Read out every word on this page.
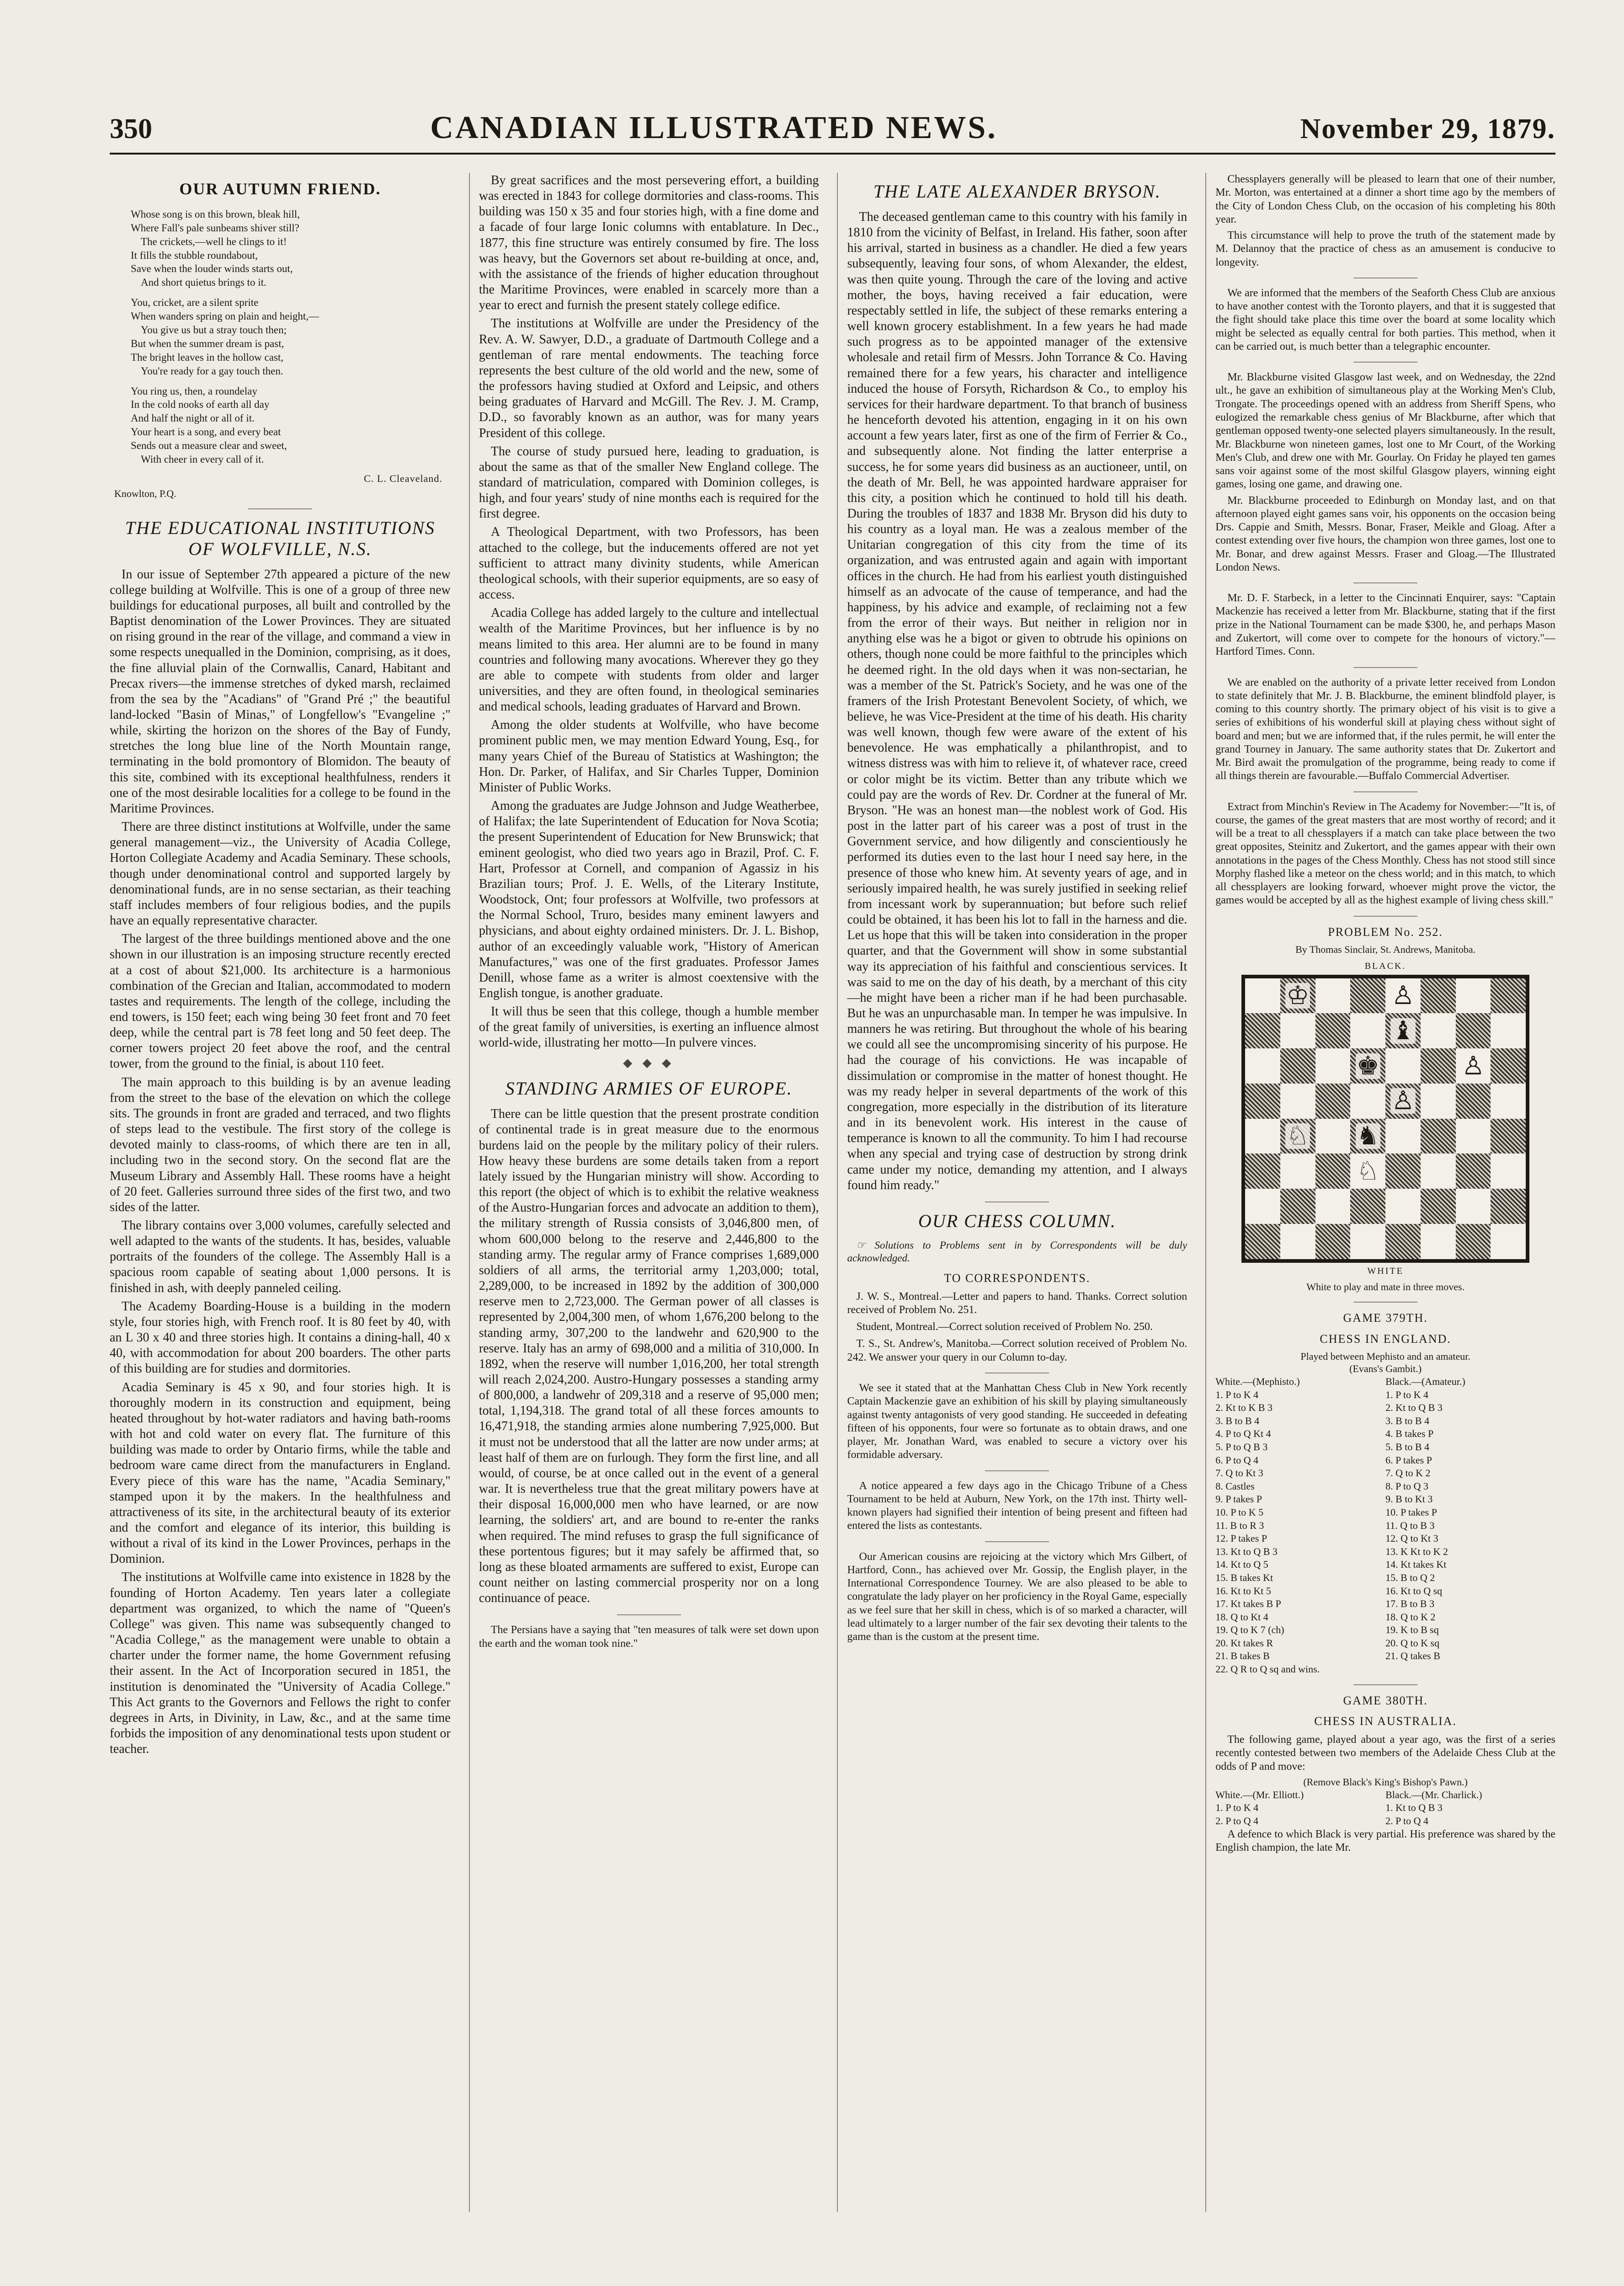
350	CANADIAN ILLUSTRATED NEWS.	November 29, 1879.
OUR AUTUMN FRIEND.

Whose song is on this brown, bleak hill,
Where Fall's pale sunbeams shiver still?
The crickets,—well he clings to it!
It fills the stubble roundabout,
Save when the louder winds starts out,
And short quietus brings to it.

You, cricket, are a silent sprite
When wanders spring on plain and height,—
You give us but a stray touch then;
But when the summer dream is past,
The bright leaves in the hollow cast,
You're ready for a gay touch then.

You ring us, then, a roundelay
In the cold nooks of earth all day
And half the night or all of it.
Your heart is a song, and every beat
Sends out a measure clear and sweet,
With cheer in every call of it.

C. L. Cleaveland.
Knowlton, P.Q.
THE EDUCATIONAL INSTITUTIONS OF WOLFVILLE, N.S.

In our issue of September 27th appeared a picture of the new college building at Wolfville. This is one of a group of three new buildings for educational purposes, all built and controlled by the Baptist denomination of the Lower Provinces. They are situated on rising ground in the rear of the village, and command a view in some respects unequalled in the Dominion, comprising, as it does, the fine alluvial plain of the Cornwallis, Canard, Habitant and Precax rivers—the immense stretches of dyked marsh, reclaimed from the sea by the "Acadians" of "Grand Pré ;" the beautiful land-locked "Basin of Minas," of Longfellow's "Evangeline ;" while, skirting the horizon on the shores of the Bay of Fundy, stretches the long blue line of the North Mountain range, terminating in the bold promontory of Blomidon. The beauty of this site, combined with its exceptional healthfulness, renders it one of the most desirable localities for a college to be found in the Maritime Provinces.

There are three distinct institutions at Wolfville, under the same general management—viz., the University of Acadia College, Horton Collegiate Academy and Acadia Seminary. These schools, though under denominational control and supported largely by denominational funds, are in no sense sectarian, as their teaching staff includes members of four religious bodies, and the pupils have an equally representative character.

The largest of the three buildings mentioned above and the one shown in our illustration is an imposing structure recently erected at a cost of about $21,000. Its architecture is a harmonious combination of the Grecian and Italian, accommodated to modern tastes and requirements. The length of the college, including the end towers, is 150 feet; each wing being 30 feet front and 70 feet deep, while the central part is 78 feet long and 50 feet deep. The corner towers project 20 feet above the roof, and the central tower, from the ground to the finial, is about 110 feet.

The main approach to this building is by an avenue leading from the street to the base of the elevation on which the college sits. The grounds in front are graded and terraced, and two flights of steps lead to the vestibule. The first story of the college is devoted mainly to class-rooms, of which there are ten in all, including two in the second story. On the second flat are the Museum Library and Assembly Hall. These rooms have a height of 20 feet. Galleries surround three sides of the first two, and two sides of the latter.

The library contains over 3,000 volumes, carefully selected and well adapted to the wants of the students. It has, besides, valuable portraits of the founders of the college. The Assembly Hall is a spacious room capable of seating about 1,000 persons. It is finished in ash, with deeply panneled ceiling.

The Academy Boarding-House is a building in the modern style, four stories high, with French roof. It is 80 feet by 40, with an L 30 x 40 and three stories high. It contains a dining-hall, 40 x 40, with accommodation for about 200 boarders. The other parts of this building are for studies and dormitories.

Acadia Seminary is 45 x 90, and four stories high. It is thoroughly modern in its construction and equipment, being heated throughout by hot-water radiators and having bath-rooms with hot and cold water on every flat. The furniture of this building was made to order by Ontario firms, while the table and bedroom ware came direct from the manufacturers in England. Every piece of this ware has the name, "Acadia Seminary," stamped upon it by the makers. In the healthfulness and attractiveness of its site, in the architectural beauty of its exterior and the comfort and elegance of its interior, this building is without a rival of its kind in the Lower Provinces, perhaps in the Dominion.

The institutions at Wolfville came into existence in 1828 by the founding of Horton Academy. Ten years later a collegiate department was organized, to which the name of "Queen's College" was given. This name was subsequently changed to "Acadia College," as the management were unable to obtain a charter under the former name, the home Government refusing their assent. In the Act of Incorporation secured in 1851, the institution is denominated the "University of Acadia College." This Act grants to the Governors and Fellows the right to confer degrees in Arts, in Divinity, in Law, &c., and at the same time forbids the imposition of any denominational tests upon student or teacher.

By great sacrifices and the most persevering effort, a building was erected in 1843 for college dormitories and class-rooms. This building was 150 x 35 and four stories high, with a fine dome and a facade of four large Ionic columns with entablature. In Dec., 1877, this fine structure was entirely consumed by fire. The loss was heavy, but the Governors set about re-building at once, and, with the assistance of the friends of higher education throughout the Maritime Provinces, were enabled in scarcely more than a year to erect and furnish the present stately college edifice.

The institutions at Wolfville are under the Presidency of the Rev. A. W. Sawyer, D.D., a graduate of Dartmouth College and a gentleman of rare mental endowments. The teaching force represents the best culture of the old world and the new, some of the professors having studied at Oxford and Leipsic, and others being graduates of Harvard and McGill. The Rev. J. M. Cramp, D.D., so favorably known as an author, was for many years President of this college.

The course of study pursued here, leading to graduation, is about the same as that of the smaller New England college. The standard of matriculation, compared with Dominion colleges, is high, and four years' study of nine months each is required for the first degree.

A Theological Department, with two Professors, has been attached to the college, but the inducements offered are not yet sufficient to attract many divinity students, while American theological schools, with their superior equipments, are so easy of access.

Acadia College has added largely to the culture and intellectual wealth of the Maritime Provinces, but her influence is by no means limited to this area. Her alumni are to be found in many countries and following many avocations. Wherever they go they are able to compete with students from older and larger universities, and they are often found, in theological seminaries and medical schools, leading graduates of Harvard and Brown.

Among the older students at Wolfville, who have become prominent public men, we may mention Edward Young, Esq., for many years Chief of the Bureau of Statistics at Washington; the Hon. Dr. Parker, of Halifax, and Sir Charles Tupper, Dominion Minister of Public Works.

Among the graduates are Judge Johnson and Judge Weatherbee, of Halifax; the late Superintendent of Education for Nova Scotia; the present Superintendent of Education for New Brunswick; that eminent geologist, who died two years ago in Brazil, Prof. C. F. Hart, Professor at Cornell, and companion of Agassiz in his Brazilian tours; Prof. J. E. Wells, of the Literary Institute, Woodstock, Ont; four professors at Wolfville, two professors at the Normal School, Truro, besides many eminent lawyers and physicians, and about eighty ordained ministers. Dr. J. L. Bishop, author of an exceedingly valuable work, "History of American Manufactures," was one of the first graduates. Professor James Denill, whose fame as a writer is almost coextensive with the English tongue, is another graduate.

It will thus be seen that this college, though a humble member of the great family of universities, is exerting an influence almost world-wide, illustrating her motto—In pulvere vinces.

◆ ◆ ◆
STANDING ARMIES OF EUROPE.

There can be little question that the present prostrate condition of continental trade is in great measure due to the enormous burdens laid on the people by the military policy of their rulers. How heavy these burdens are some details taken from a report lately issued by the Hungarian ministry will show. According to this report (the object of which is to exhibit the relative weakness of the Austro-Hungarian forces and advocate an addition to them), the military strength of Russia consists of 3,046,800 men, of whom 600,000 belong to the reserve and 2,446,800 to the standing army. The regular army of France comprises 1,689,000 soldiers of all arms, the territorial army 1,203,000; total, 2,289,000, to be increased in 1892 by the addition of 300,000 reserve men to 2,723,000. The German power of all classes is represented by 2,004,300 men, of whom 1,676,200 belong to the standing army, 307,200 to the landwehr and 620,900 to the reserve. Italy has an army of 698,000 and a militia of 310,000. In 1892, when the reserve will number 1,016,200, her total strength will reach 2,024,200. Austro-Hungary possesses a standing army of 800,000, a landwehr of 209,318 and a reserve of 95,000 men; total, 1,194,318. The grand total of all these forces amounts to 16,471,918, the standing armies alone numbering 7,925,000. But it must not be understood that all the latter are now under arms; at least half of them are on furlough. They form the first line, and all would, of course, be at once called out in the event of a general war. It is nevertheless true that the great military powers have at their disposal 16,000,000 men who have learned, or are now learning, the soldiers' art, and are bound to re-enter the ranks when required. The mind refuses to grasp the full significance of these portentous figures; but it may safely be affirmed that, so long as these bloated armaments are suffered to exist, Europe can count neither on lasting commercial prosperity nor on a long continuance of peace.

The Persians have a saying that "ten measures of talk were set down upon the earth and the woman took nine."

THE LATE ALEXANDER BRYSON.

The deceased gentleman came to this country with his family in 1810 from the vicinity of Belfast, in Ireland. His father, soon after his arrival, started in business as a chandler. He died a few years subsequently, leaving four sons, of whom Alexander, the eldest, was then quite young. Through the care of the loving and active mother, the boys, having received a fair education, were respectably settled in life, the subject of these remarks entering a well known grocery establishment. In a few years he had made such progress as to be appointed manager of the extensive wholesale and retail firm of Messrs. John Torrance & Co. Having remained there for a few years, his character and intelligence induced the house of Forsyth, Richardson & Co., to employ his services for their hardware department. To that branch of business he henceforth devoted his attention, engaging in it on his own account a few years later, first as one of the firm of Ferrier & Co., and subsequently alone. Not finding the latter enterprise a success, he for some years did business as an auctioneer, until, on the death of Mr. Bell, he was appointed hardware appraiser for this city, a position which he continued to hold till his death. During the troubles of 1837 and 1838 Mr. Bryson did his duty to his country as a loyal man. He was a zealous member of the Unitarian congregation of this city from the time of its organization, and was entrusted again and again with important offices in the church. He had from his earliest youth distinguished himself as an advocate of the cause of temperance, and had the happiness, by his advice and example, of reclaiming not a few from the error of their ways. But neither in religion nor in anything else was he a bigot or given to obtrude his opinions on others, though none could be more faithful to the principles which he deemed right. In the old days when it was non-sectarian, he was a member of the St. Patrick's Society, and he was one of the framers of the Irish Protestant Benevolent Society, of which, we believe, he was Vice-President at the time of his death. His charity was well known, though few were aware of the extent of his benevolence. He was emphatically a philanthropist, and to witness distress was with him to relieve it, of whatever race, creed or color might be its victim. Better than any tribute which we could pay are the words of Rev. Dr. Cordner at the funeral of Mr. Bryson. "He was an honest man—the noblest work of God. His post in the latter part of his career was a post of trust in the Government service, and how diligently and conscientiously he performed its duties even to the last hour I need say here, in the presence of those who knew him. At seventy years of age, and in seriously impaired health, he was surely justified in seeking relief from incessant work by superannuation; but before such relief could be obtained, it has been his lot to fall in the harness and die. Let us hope that this will be taken into consideration in the proper quarter, and that the Government will show in some substantial way its appreciation of his faithful and conscientious services. It was said to me on the day of his death, by a merchant of this city—he might have been a richer man if he had been purchasable. But he was an unpurchasable man. In temper he was impulsive. In manners he was retiring. But throughout the whole of his bearing we could all see the uncompromising sincerity of his purpose. He had the courage of his convictions. He was incapable of dissimulation or compromise in the matter of honest thought. He was my ready helper in several departments of the work of this congregation, more especially in the distribution of its literature and in its benevolent work. His interest in the cause of temperance is known to all the community. To him I had recourse when any special and trying case of destruction by strong drink came under my notice, demanding my attention, and I always found him ready."

OUR CHESS COLUMN.

☞ Solutions to Problems sent in by Correspondents will be duly acknowledged.

TO CORRESPONDENTS.

J. W. S., Montreal.—Letter and papers to hand. Thanks. Correct solution received of Problem No. 251.

Student, Montreal.—Correct solution received of Problem No. 250.

T. S., St. Andrew's, Manitoba.—Correct solution received of Problem No. 242. We answer your query in our Column to-day.

We see it stated that at the Manhattan Chess Club in New York recently Captain Mackenzie gave an exhibition of his skill by playing simultaneously against twenty antagonists of very good standing. He succeeded in defeating fifteen of his opponents, four were so fortunate as to obtain draws, and one player, Mr. Jonathan Ward, was enabled to secure a victory over his formidable adversary.

A notice appeared a few days ago in the Chicago Tribune of a Chess Tournament to be held at Auburn, New York, on the 17th inst. Thirty well-known players had signified their intention of being present and fifteen had entered the lists as contestants.

Our American cousins are rejoicing at the victory which Mrs Gilbert, of Hartford, Conn., has achieved over Mr. Gossip, the English player, in the International Correspondence Tourney. We are also pleased to be able to congratulate the lady player on her proficiency in the Royal Game, especially as we feel sure that her skill in chess, which is of so marked a character, will lead ultimately to a larger number of the fair sex devoting their talents to the game than is the custom at the present time.

Chessplayers generally will be pleased to learn that one of their number, Mr. Morton, was entertained at a dinner a short time ago by the members of the City of London Chess Club, on the occasion of his completing his 80th year.

This circumstance will help to prove the truth of the statement made by M. Delannoy that the practice of chess as an amusement is conducive to longevity.

We are informed that the members of the Seaforth Chess Club are anxious to have another contest with the Toronto players, and that it is suggested that the fight should take place this time over the board at some locality which might be selected as equally central for both parties. This method, when it can be carried out, is much better than a telegraphic encounter.

Mr. Blackburne visited Glasgow last week, and on Wednesday, the 22nd ult., he gave an exhibition of simultaneous play at the Working Men's Club, Trongate. The proceedings opened with an address from Sheriff Spens, who eulogized the remarkable chess genius of Mr Blackburne, after which that gentleman opposed twenty-one selected players simultaneously. In the result, Mr. Blackburne won nineteen games, lost one to Mr Court, of the Working Men's Club, and drew one with Mr. Gourlay. On Friday he played ten games sans voir against some of the most skilful Glasgow players, winning eight games, losing one game, and drawing one.

Mr. Blackburne proceeded to Edinburgh on Monday last, and on that afternoon played eight games sans voir, his opponents on the occasion being Drs. Cappie and Smith, Messrs. Bonar, Fraser, Meikle and Gloag. After a contest extending over five hours, the champion won three games, lost one to Mr. Bonar, and drew against Messrs. Fraser and Gloag.—The Illustrated London News.

Mr. D. F. Starbeck, in a letter to the Cincinnati Enquirer, says: "Captain Mackenzie has received a letter from Mr. Blackburne, stating that if the first prize in the National Tournament can be made $300, he, and perhaps Mason and Zukertort, will come over to compete for the honours of victory."—Hartford Times. Conn.

We are enabled on the authority of a private letter received from London to state definitely that Mr. J. B. Blackburne, the eminent blindfold player, is coming to this country shortly. The primary object of his visit is to give a series of exhibitions of his wonderful skill at playing chess without sight of board and men; but we are informed that, if the rules permit, he will enter the grand Tourney in January. The same authority states that Dr. Zukertort and Mr. Bird await the promulgation of the programme, being ready to come if all things therein are favourable.—Buffalo Commercial Advertiser.

Extract from Minchin's Review in The Academy for November:—"It is, of course, the games of the great masters that are most worthy of record; and it will be a treat to all chessplayers if a match can take place between the two great opposites, Steinitz and Zukertort, and the games appear with their own annotations in the pages of the Chess Monthly. Chess has not stood still since Morphy flashed like a meteor on the chess world; and in this match, to which all chessplayers are looking forward, whoever might prove the victor, the games would be accepted by all as the highest example of living chess skill."

PROBLEM No. 252.
By Thomas Sinclair, St. Andrews, Manitoba.
BLACK.
♔	♙
♝
♚	♙
♙
♘ ♞
♘
WHITE
White to play and mate in three moves.
GAME 379TH.
CHESS IN ENGLAND.
Played between Mephisto and an amateur.
(Evans's Gambit.)
White.—(Mephisto.)	Black.—(Amateur.)
1. P to K 4	1. P to K 4
2. Kt to K B 3	2. Kt to Q B 3
3. B to B 4	3. B to B 4
4. P to Q Kt 4	4. B takes P
5. P to Q B 3	5. B to B 4
6. P to Q 4	6. P takes P
7. Q to Kt 3	7. Q to K 2
8. Castles	8. P to Q 3
9. P takes P	9. B to Kt 3
10. P to K 5	10. P takes P
11. B to R 3	11. Q to B 3
12. P takes P	12. Q to Kt 3
13. Kt to Q B 3	13. K Kt to K 2
14. Kt to Q 5	14. Kt takes Kt
15. B takes Kt	15. B to Q 2
16. Kt to Kt 5	16. Kt to Q sq
17. Kt takes B P	17. B to B 3
18. Q to Kt 4	18. Q to K 2
19. Q to K 7 (ch)	19. K to B sq
20. Kt takes R	20. Q to K sq
21. B takes B	21. Q takes B
22. Q R to Q sq and wins.
GAME 380TH.
CHESS IN AUSTRALIA.

The following game, played about a year ago, was the first of a series recently contested between two members of the Adelaide Chess Club at the odds of P and move:

(Remove Black's King's Bishop's Pawn.)
White.—(Mr. Elliott.)	Black.—(Mr. Charlick.)
1. P to K 4	1. Kt to Q B 3
2. P to Q 4	2. P to Q 4

A defence to which Black is very partial. His preference was shared by the English champion, the late Mr.
